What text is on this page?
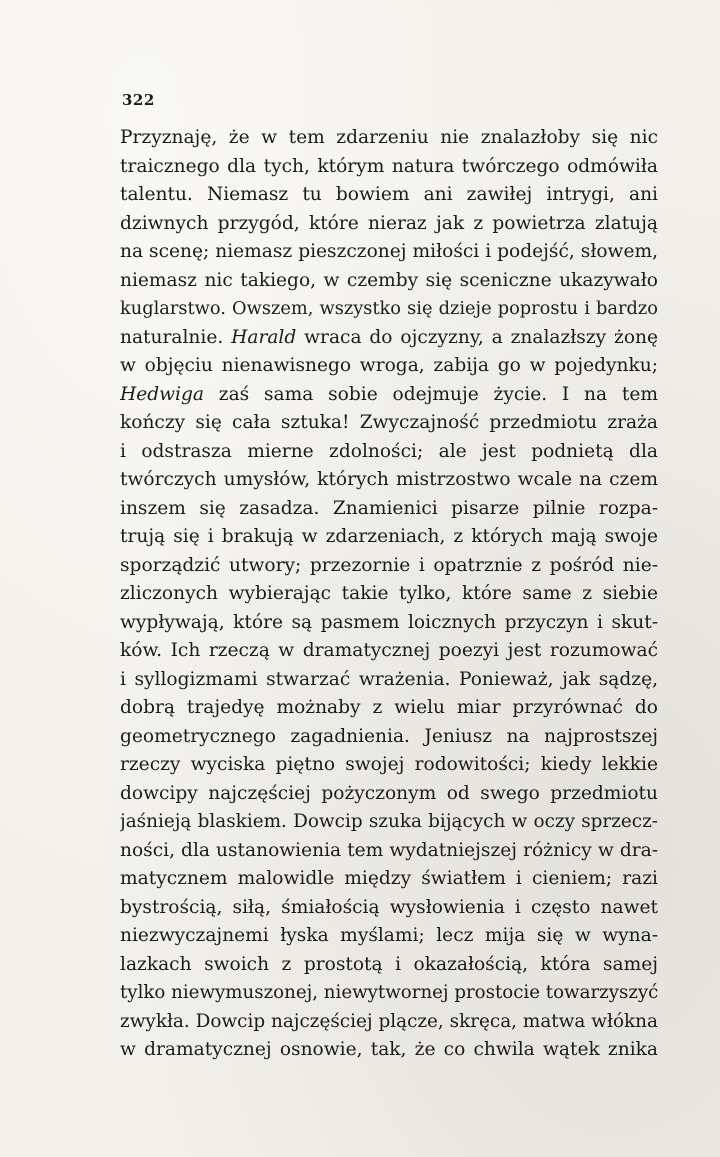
322
Przyznaję, że w tem zdarzeniu nie znalazłoby się nic
traicznego dla tych, którym natura twórczego odmówiła
talentu. Niemasz tu bowiem ani zawiłej intrygi, ani
dziwnych przygód, które nieraz jak z powietrza zlatują
na scenę; niemasz pieszczonej miłości i podejść, słowem,
niemasz nic takiego, w czemby się sceniczne ukazywało
kuglarstwo. Owszem, wszystko się dzieje poprostu i bardzo
naturalnie. Harald wraca do ojczyzny, a znalazłszy żonę
w objęciu nienawisnego wroga, zabija go w pojedynku;
Hedwiga zaś sama sobie odejmuje życie. I na tem
kończy się cała sztuka! Zwyczajność przedmiotu zraża
i odstrasza mierne zdolności; ale jest podnietą dla
twórczych umysłów, których mistrzostwo wcale na czem
inszem się zasadza. Znamienici pisarze pilnie rozpa-
trują się i brakują w zdarzeniach, z których mają swoje
sporządzić utwory; przezornie i opatrznie z pośród nie-
zliczonych wybierając takie tylko, które same z siebie
wypływają, które są pasmem loicznych przyczyn i skut-
ków. Ich rzeczą w dramatycznej poezyi jest rozumować
i syllogizmami stwarzać wrażenia. Ponieważ, jak sądzę,
dobrą trajedyę możnaby z wielu miar przyrównać do
geometrycznego zagadnienia. Jeniusz na najprostszej
rzeczy wyciska piętno swojej rodowitości; kiedy lekkie
dowcipy najczęściej pożyczonym od swego przedmiotu
jaśnieją blaskiem. Dowcip szuka bijących w oczy sprzecz-
ności, dla ustanowienia tem wydatniejszej różnicy w dra-
matycznem malowidle między światłem i cieniem; razi
bystrością, siłą, śmiałością wysłowienia i często nawet
niezwyczajnemi łyska myślami; lecz mija się w wyna-
lazkach swoich z prostotą i okazałością, która samej
tylko niewymuszonej, niewytwornej prostocie towarzyszyć
zwykła. Dowcip najczęściej plącze, skręca, matwa włókna
w dramatycznej osnowie, tak, że co chwila wątek znika
